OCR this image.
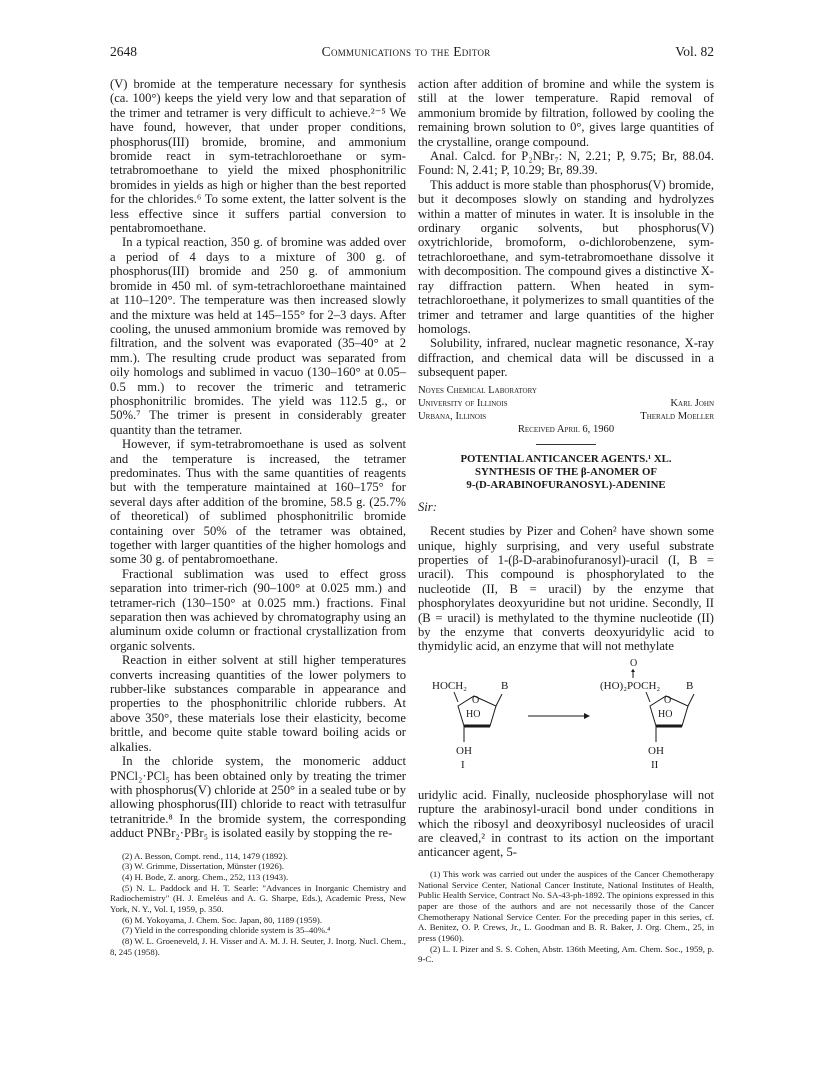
2648	Communications to the Editor	Vol. 82

(V) bromide at the temperature necessary for synthesis (ca. 100°) keeps the yield very low and that separation of the trimer and tetramer is very difficult to achieve.²⁻⁵ We have found, however, that under proper conditions, phosphorus(III) bromide, bromine, and ammonium bromide react in sym-tetrachloroethane or sym-tetrabromoethane to yield the mixed phosphonitrilic bromides in yields as high or higher than the best reported for the chlorides.⁶ To some extent, the latter solvent is the less effective since it suffers partial conversion to pentabromoethane.

In a typical reaction, 350 g. of bromine was added over a period of 4 days to a mixture of 300 g. of phosphorus(III) bromide and 250 g. of ammonium bromide in 450 ml. of sym-tetrachloroethane maintained at 110–120°. The temperature was then increased slowly and the mixture was held at 145–155° for 2–3 days. After cooling, the unused ammonium bromide was removed by filtration, and the solvent was evaporated (35–40° at 2 mm.). The resulting crude product was separated from oily homologs and sublimed in vacuo (130–160° at 0.05–0.5 mm.) to recover the trimeric and tetrameric phosphonitrilic bromides. The yield was 112.5 g., or 50%.⁷ The trimer is present in considerably greater quantity than the tetramer.

However, if sym-tetrabromoethane is used as solvent and the temperature is increased, the tetramer predominates. Thus with the same quantities of reagents but with the temperature maintained at 160–175° for several days after addition of the bromine, 58.5 g. (25.7% of theoretical) of sublimed phosphonitrilic bromide containing over 50% of the tetramer was obtained, together with larger quantities of the higher homologs and some 30 g. of pentabromoethane.

Fractional sublimation was used to effect gross separation into trimer-rich (90–100° at 0.025 mm.) and tetramer-rich (130–150° at 0.025 mm.) fractions. Final separation then was achieved by chromatography using an aluminum oxide column or fractional crystallization from organic solvents.

Reaction in either solvent at still higher temperatures converts increasing quantities of the lower polymers to rubber-like substances comparable in appearance and properties to the phosphonitrilic chloride rubbers. At above 350°, these materials lose their elasticity, become brittle, and become quite stable toward boiling acids or alkalies.

In the chloride system, the monomeric adduct PNCl₂·PCl₅ has been obtained only by treating the trimer with phosphorus(V) chloride at 250° in a sealed tube or by allowing phosphorus(III) chloride to react with tetrasulfur tetranitride.⁸ In the bromide system, the corresponding adduct PNBr₂·PBr₅ is isolated easily by stopping the re-

(2) A. Besson, Compt. rend., 114, 1479 (1892).

(3) W. Grimme, Dissertation, Münster (1926).

(4) H. Bode, Z. anorg. Chem., 252, 113 (1943).

(5) N. L. Paddock and H. T. Searle: "Advances in Inorganic Chemistry and Radiochemistry" (H. J. Emeléus and A. G. Sharpe, Eds.), Academic Press, New York, N. Y., Vol. I, 1959, p. 350.

(6) M. Yokoyama, J. Chem. Soc. Japan, 80, 1189 (1959).

(7) Yield in the corresponding chloride system is 35–40%.⁴

(8) W. L. Groeneveld, J. H. Visser and A. M. J. H. Seuter, J. Inorg. Nucl. Chem., 8, 245 (1958).

action after addition of bromine and while the system is still at the lower temperature. Rapid removal of ammonium bromide by filtration, followed by cooling the remaining brown solution to 0°, gives large quantities of the crystalline, orange compound.

Anal. Calcd. for P₂NBr₇: N, 2.21; P, 9.75; Br, 88.04. Found: N, 2.41; P, 10.29; Br, 89.39.

This adduct is more stable than phosphorus(V) bromide, but it decomposes slowly on standing and hydrolyzes within a matter of minutes in water. It is insoluble in the ordinary organic solvents, but phosphorus(V) oxytrichloride, bromoform, o-dichlorobenzene, sym-tetrachloroethane, and sym-tetrabromoethane dissolve it with decomposition. The compound gives a distinctive X-ray diffraction pattern. When heated in sym-tetrachloroethane, it polymerizes to small quantities of the trimer and tetramer and large quantities of the higher homologs.

Solubility, infrared, nuclear magnetic resonance, X-ray diffraction, and chemical data will be discussed in a subsequent paper.

Noyes Chemical Laboratory
University of Illinois	Karl John
Urbana, Illinois	Therald Moeller
Received April 6, 1960
POTENTIAL ANTICANCER AGENTS.¹ XL.
SYNTHESIS OF THE β-ANOMER OF
9-(D-ARABINOFURANOSYL)-ADENINE
Sir:

Recent studies by Pizer and Cohen² have shown some unique, highly surprising, and very useful substrate properties of 1-(β-D-arabinofuranosyl)-uracil (I, B = uracil). This compound is phosphorylated to the nucleotide (II, B = uracil) by the enzyme that phosphorylates deoxyuridine but not uridine. Secondly, II (B = uracil) is methylated to the thymine nucleotide (II) by the enzyme that converts deoxyuridylic acid to thymidylic acid, an enzyme that will not methylate

HOCH₂	B
O
HO
OH
I
O
(HO)₂POCH₂ B
O
HO
OH
II

uridylic acid. Finally, nucleoside phosphorylase will not rupture the arabinosyl-uracil bond under conditions in which the ribosyl and deoxyribosyl nucleosides of uracil are cleaved,² in contrast to its action on the important anticancer agent, 5-

(1) This work was carried out under the auspices of the Cancer Chemotherapy National Service Center, National Cancer Institute, National Institutes of Health, Public Health Service, Contract No. SA-43-ph-1892. The opinions expressed in this paper are those of the authors and are not necessarily those of the Cancer Chemotherapy National Service Center. For the preceding paper in this series, cf. A. Benitez, O. P. Crews, Jr., L. Goodman and B. R. Baker, J. Org. Chem., 25, in press (1960).

(2) L. I. Pizer and S. S. Cohen, Abstr. 136th Meeting, Am. Chem. Soc., 1959, p. 9-C.
